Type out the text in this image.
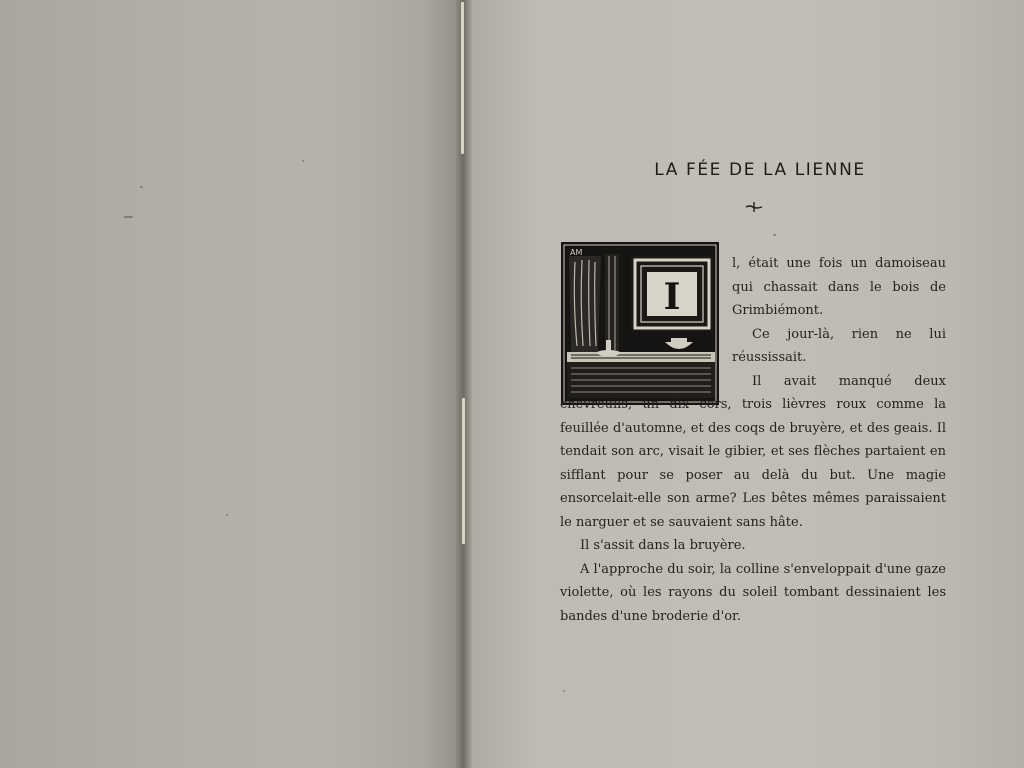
LA FÉE DE LA LIENNE
I
AM

l, était une fois un damoiseau qui chassait dans le bois de Grimbiémont.

Ce jour-là, rien ne lui réussissait.

Il avait manqué deux chevreuils, un dix cors, trois lièvres roux comme la feuillée d'automne, et des coqs de bruyère, et des geais. Il tendait son arc, visait le gibier, et ses flèches partaient en sifflant pour se poser au delà du but. Une magie ensorcelait-elle son arme? Les bêtes mêmes paraissaient le narguer et se sauvaient sans hâte.

Il s'assit dans la bruyère.

A l'approche du soir, la colline s'enveloppait d'une gaze violette, où les rayons du soleil tombant dessinaient les bandes d'une broderie d'or.
